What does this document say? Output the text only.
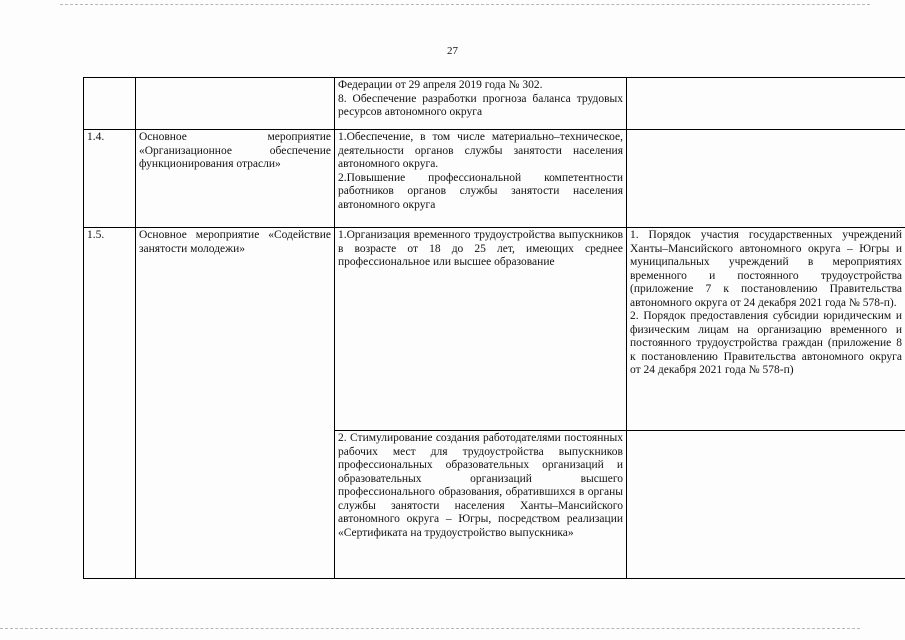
27

		Федерации от 29 апреля 2019 года № 302.
8. Обеспечение разработки прогноза баланса трудовых ресурсов автономного округа	

1.4.	Основное мероприятие «Организационное обеспечение функционирования отрасли»	1.Обеспечение, в том числе материально–техническое, деятельности органов службы занятости населения автономного округа.
2.Повышение профессиональной компетентности работников органов службы занятости населения автономного округа	

1.5.	Основное мероприятие «Содействие занятости молодежи»	1.Организация временного трудоустройства выпускников в возрасте от 18 до 25 лет, имеющих среднее профессиональное или высшее образование	1. Порядок участия государственных учреждений Ханты–Мансийского автономного округа – Югры и муниципальных учреждений в мероприятиях временного и постоянного трудоустройства (приложение 7 к постановлению Правительства автономного округа от 24 декабря 2021 года № 578-п).
2. Порядок предоставления субсидии юридическим и физическим лицам на организацию временного и постоянного трудоустройства граждан (приложение 8 к постановлению Правительства автономного округа от 24 декабря 2021 года № 578-п)

		2. Стимулирование создания работодателями постоянных рабочих мест для трудоустройства выпускников профессиональных образовательных организаций и образовательных организаций высшего профессионального образования, обратившихся в органы службы занятости населения Ханты–Мансийского автономного округа – Югры, посредством реализации «Сертификата на трудоустройство выпускника»	
